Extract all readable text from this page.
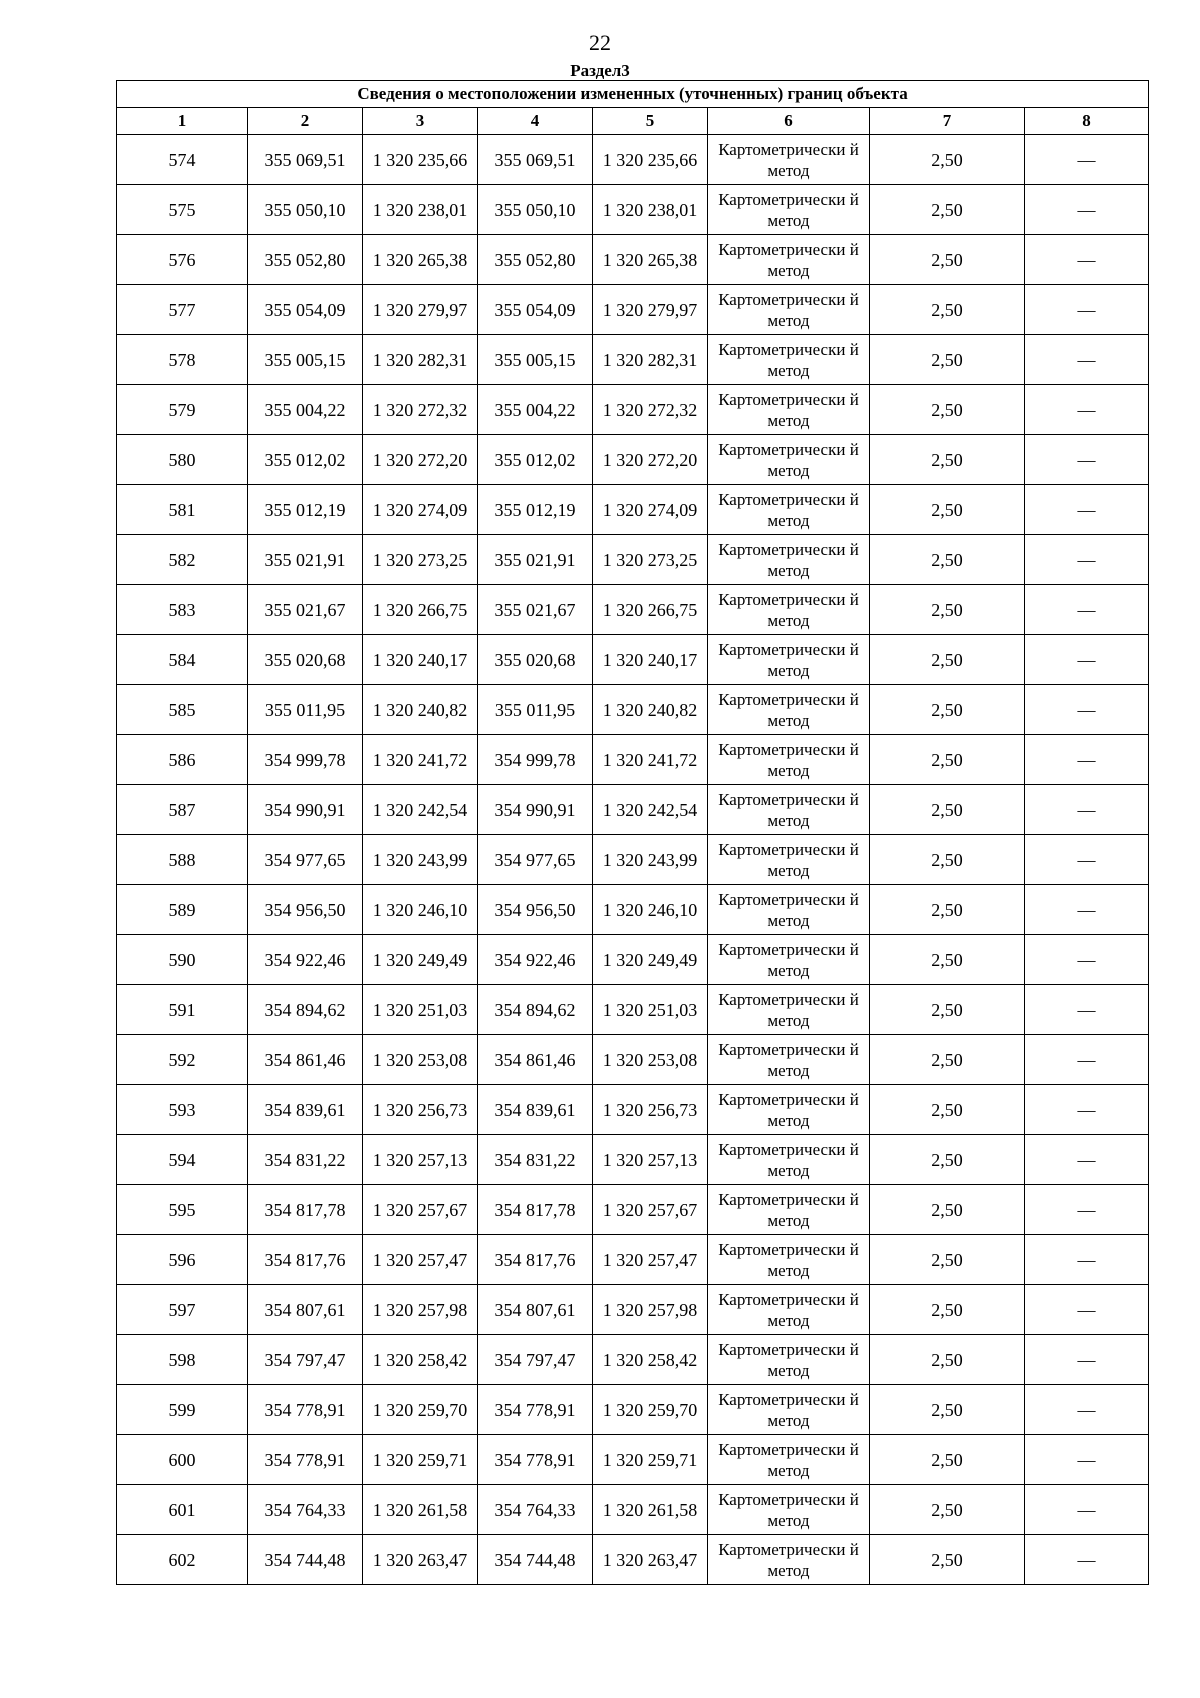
22
Раздел3
Сведения о местоположении измененных (уточненных) границ объекта							
1	2	3	4	5	6	7	8
574	355 069,51	1 320 235,66	355 069,51	1 320 235,66	Картометрически й метод	2,50	—
575	355 050,10	1 320 238,01	355 050,10	1 320 238,01	Картометрически й метод	2,50	—
576	355 052,80	1 320 265,38	355 052,80	1 320 265,38	Картометрически й метод	2,50	—
577	355 054,09	1 320 279,97	355 054,09	1 320 279,97	Картометрически й метод	2,50	—
578	355 005,15	1 320 282,31	355 005,15	1 320 282,31	Картометрически й метод	2,50	—
579	355 004,22	1 320 272,32	355 004,22	1 320 272,32	Картометрически й метод	2,50	—
580	355 012,02	1 320 272,20	355 012,02	1 320 272,20	Картометрически й метод	2,50	—
581	355 012,19	1 320 274,09	355 012,19	1 320 274,09	Картометрически й метод	2,50	—
582	355 021,91	1 320 273,25	355 021,91	1 320 273,25	Картометрически й метод	2,50	—
583	355 021,67	1 320 266,75	355 021,67	1 320 266,75	Картометрически й метод	2,50	—
584	355 020,68	1 320 240,17	355 020,68	1 320 240,17	Картометрически й метод	2,50	—
585	355 011,95	1 320 240,82	355 011,95	1 320 240,82	Картометрически й метод	2,50	—
586	354 999,78	1 320 241,72	354 999,78	1 320 241,72	Картометрически й метод	2,50	—
587	354 990,91	1 320 242,54	354 990,91	1 320 242,54	Картометрически й метод	2,50	—
588	354 977,65	1 320 243,99	354 977,65	1 320 243,99	Картометрически й метод	2,50	—
589	354 956,50	1 320 246,10	354 956,50	1 320 246,10	Картометрически й метод	2,50	—
590	354 922,46	1 320 249,49	354 922,46	1 320 249,49	Картометрически й метод	2,50	—
591	354 894,62	1 320 251,03	354 894,62	1 320 251,03	Картометрически й метод	2,50	—
592	354 861,46	1 320 253,08	354 861,46	1 320 253,08	Картометрически й метод	2,50	—
593	354 839,61	1 320 256,73	354 839,61	1 320 256,73	Картометрически й метод	2,50	—
594	354 831,22	1 320 257,13	354 831,22	1 320 257,13	Картометрически й метод	2,50	—
595	354 817,78	1 320 257,67	354 817,78	1 320 257,67	Картометрически й метод	2,50	—
596	354 817,76	1 320 257,47	354 817,76	1 320 257,47	Картометрически й метод	2,50	—
597	354 807,61	1 320 257,98	354 807,61	1 320 257,98	Картометрически й метод	2,50	—
598	354 797,47	1 320 258,42	354 797,47	1 320 258,42	Картометрически й метод	2,50	—
599	354 778,91	1 320 259,70	354 778,91	1 320 259,70	Картометрически й метод	2,50	—
600	354 778,91	1 320 259,71	354 778,91	1 320 259,71	Картометрически й метод	2,50	—
601	354 764,33	1 320 261,58	354 764,33	1 320 261,58	Картометрически й метод	2,50	—
602	354 744,48	1 320 263,47	354 744,48	1 320 263,47	Картометрически й метод	2,50	—
